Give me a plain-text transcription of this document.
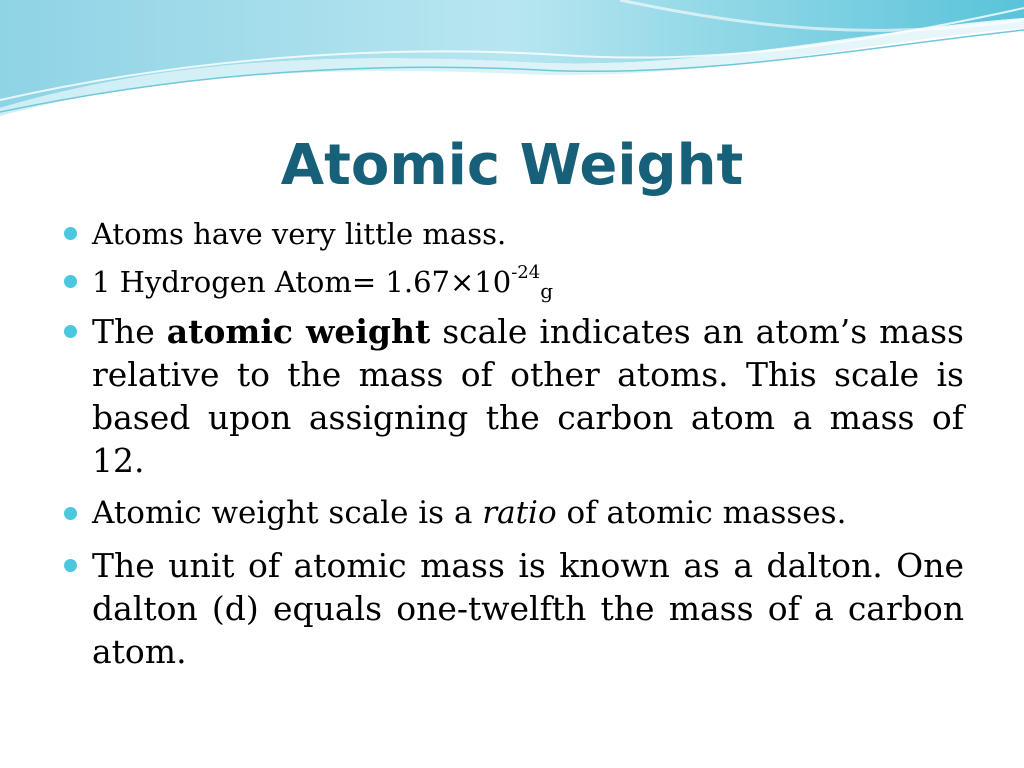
Atomic Weight
Atoms have very little mass.
1 Hydrogen Atom= $1.67\times 10^{-24}_g$
The atomic weight scale indicates an atom’s mass relative to the mass of other atoms. This scale is based upon assigning the carbon atom a mass of 12.
Atomic weight scale is a ratio of atomic masses.
The unit of atomic mass is known as a dalton. One dalton (d) equals one-twelfth the mass of a carbon atom.
